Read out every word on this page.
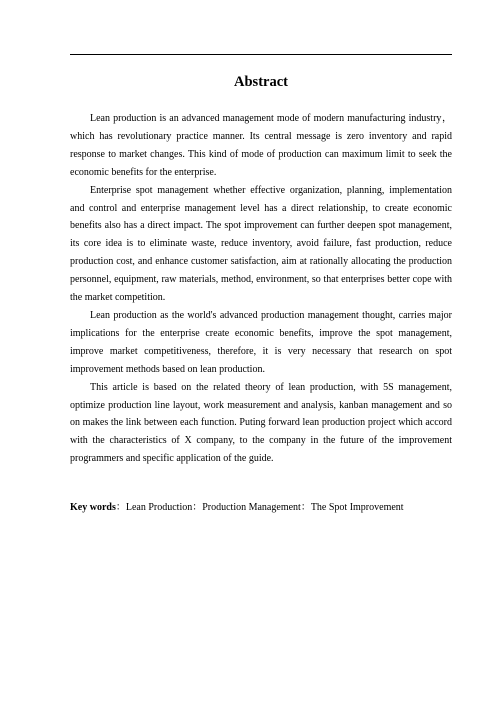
Abstract

Lean production is an advanced management mode of modern manufacturing industry，which has revolutionary practice manner. Its central message is zero inventory and rapid response to market changes. This kind of mode of production can maximum limit to seek the economic benefits for the enterprise.

Enterprise spot management whether effective organization, planning, implementation and control and enterprise management level has a direct relationship, to create economic benefits also has a direct impact. The spot improvement can further deepen spot management, its core idea is to eliminate waste, reduce inventory, avoid failure, fast production, reduce production cost, and enhance customer satisfaction, aim at rationally allocating the production personnel, equipment, raw materials, method, environment, so that enterprises better cope with the market competition.

Lean production as the world's advanced production management thought, carries major implications for the enterprise create economic benefits, improve the spot management, improve market competitiveness, therefore, it is very necessary that research on spot improvement methods based on lean production.

This article is based on the related theory of lean production, with 5S management, optimize production line layout, work measurement and analysis, kanban management and so on makes the link between each function. Puting forward lean production project which accord with the characteristics of X company, to the company in the future of the improvement programmers and specific application of the guide.

Key words：Lean Production：Production Management：The Spot Improvement
